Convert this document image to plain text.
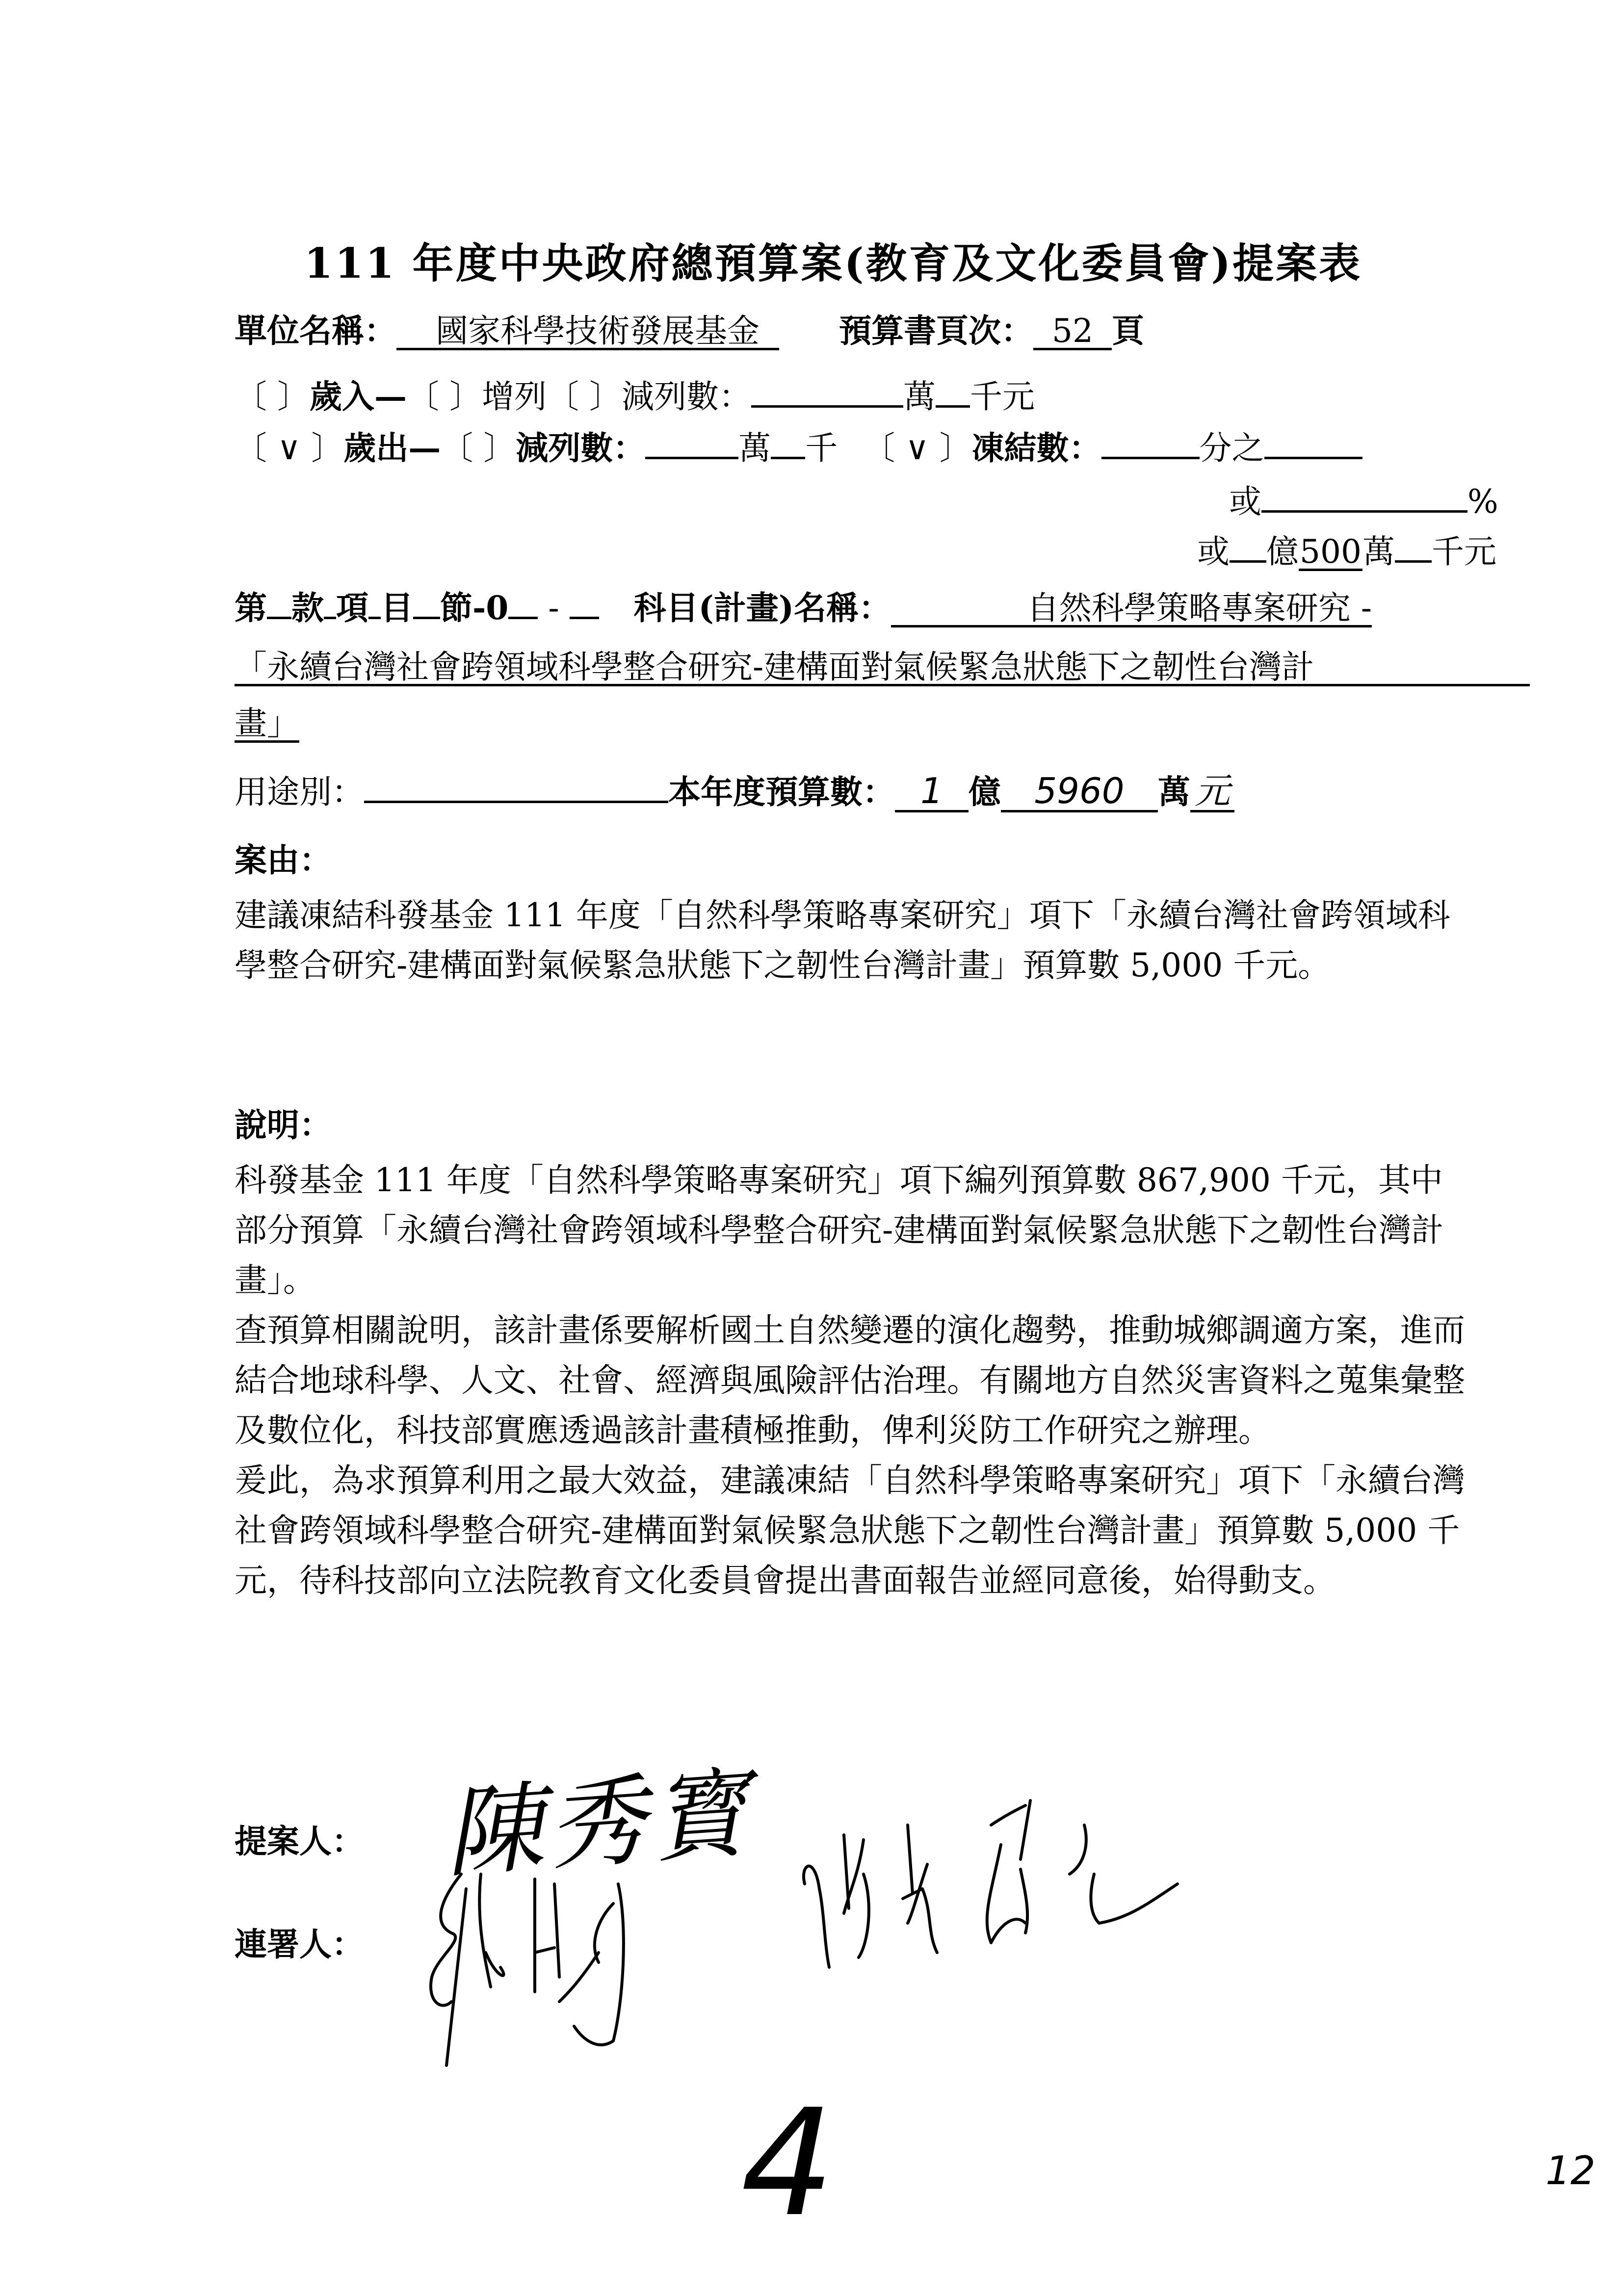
111 年度中央政府總預算案(教育及文化委員會)提案表
單位名稱： 國家科學技術發展基金 預算書頁次： 52 頁
〔 〕歲入—〔 〕增列〔 〕減列數：	萬 千元
〔 ∨ 〕歲出—〔 〕減列數：	萬 千 〔 ∨ 〕凍結數：	分之
或	%
或 億500萬 千元
第 款 項 目 節-0 - 科目(計畫)名稱：	自然科學策略專案研究 -
「永續台灣社會跨領域科學整合研究-建構面對氣候緊急狀態下之韌性台灣計
畫」
用途別：	本年度預算數： 1 億 5960 萬 元
案由：

建議凍結科發基金 111 年度「自然科學策略專案研究」項下「永續台灣社會跨領域科學整合研究-建構面對氣候緊急狀態下之韌性台灣計畫」預算數 5,000 千元。

說明：

科發基金 111 年度「自然科學策略專案研究」項下編列預算數 867,900 千元，其中部分預算「永續台灣社會跨領域科學整合研究-建構面對氣候緊急狀態下之韌性台灣計畫」。

查預算相關說明，該計畫係要解析國土自然變遷的演化趨勢，推動城鄉調適方案，進而結合地球科學、人文、社會、經濟與風險評估治理。有關地方自然災害資料之蒐集彙整及數位化，科技部實應透過該計畫積極推動，俾利災防工作研究之辦理。

爰此，為求預算利用之最大效益，建議凍結「自然科學策略專案研究」項下「永續台灣社會跨領域科學整合研究-建構面對氣候緊急狀態下之韌性台灣計畫」預算數 5,000 千元，待科技部向立法院教育文化委員會提出書面報告並經同意後，始得動支。

提案人： 陳秀寳
連署人：
4	12
